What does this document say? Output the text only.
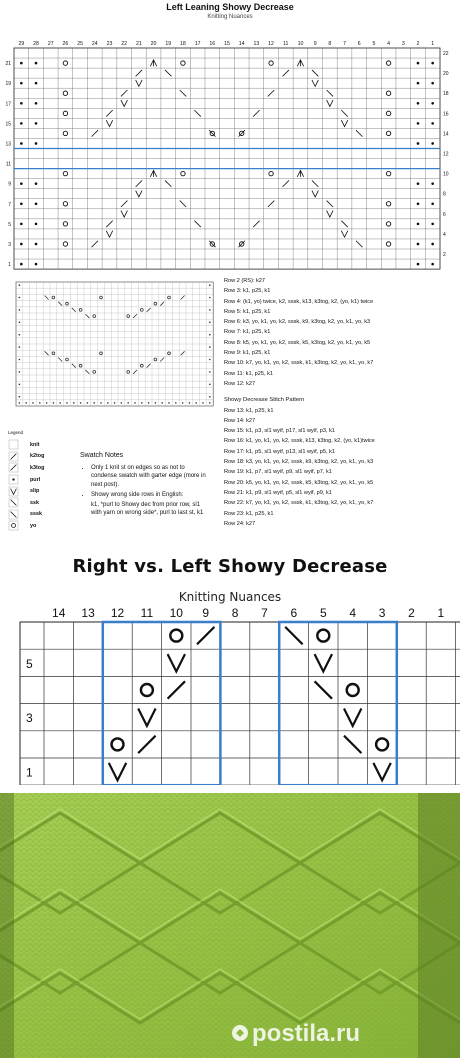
Left Leaning Showy Decrease
Knitting Nuances
29 28 27 26 25 24 23 22 21 20 19 18 17 16 15 14 13 12 11 10 9 8 7 6 5 4 3 2 1
21
19
17
15
13
11
9
7
5
3
1
22
20
18
16
14
12
10
8
6
4
2
Legend
knit
k2tog
k3tog
purl
slip
ssk
sssk
yo
Swatch Notes
• Only 1 knit st on edges so as not to condense swatch with garter edge (more in next post).
• Showy wrong side rows in English:
k1, *purl to Showy dec from prior row, sl1 with yarn on wrong side*, purl to last st, k1
Row 2 (RS): k27
Row 3: k1, p25, k1
Row 4: (k1, yo) twice, k2, sssk, k13, k3tog, k2, (yo, k1) twice
Row 5: k1, p25, k1
Row 6: k3, yo, k1, yo, k2, sssk, k9, k3tog, k2, yo, k1, yo, k3
Row 7: k1, p25, k1
Row 8: k5, yo, k1, yo, k2, sssk, k5, k3tog, k2, yo, k1, yo, k5
Row 9: k1, p25, k1
Row 10: k7, yo, k1, yo, k2, sssk, k1, k3tog, k2, yo, k1, yo, k7
Row 11: k1, p25, k1
Row 12: k27
Showy Decrease Stitch Pattern
Row 13: k1, p25, k1
Row 14: k27
Row 15: k1, p3, sl1 wyif, p17, sl1 wyif, p3, k1
Row 16: k1, yo, k1, yo, k2, sssk, k13, k3tog, k2, (yo, k1)twice
Row 17: k1, p5, sl1 wyif, p13, sl1 wyif, p5, k1
Row 18: k3, yo, k1, yo, k2, sssk, k9, k3tog, k2, yo, k1, yo, k3
Row 19: k1, p7, sl1 wyif, p9, sl1 wyif, p7, k1
Row 20: k5, yo, k1, yo, k2, sssk, k5, k3tog, k2, yo, k1, yo, k5
Row 21: k1, p9, sl1 wyif, p5, sl1 wyif, p9, k1
Row 22: k7, yo, k1, yo, k2, sssk, k1, k3tog, k2, yo, k1, yo, k7
Row 23: k1, p25, k1
Row 24: k27
Right vs. Left Showy Decrease
Knitting Nuances
14 13 12 11 10 9 8 7 6 5 4 3 2 1
5
3
1
postila.ru
